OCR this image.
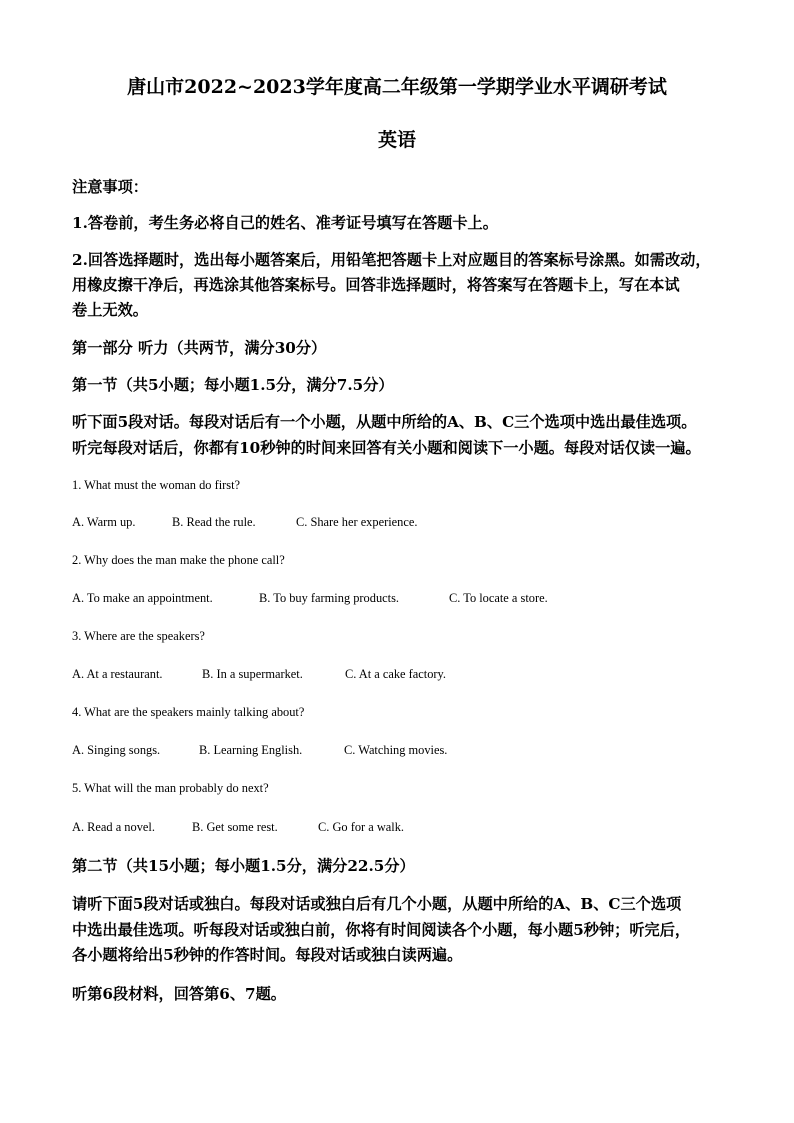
唐山市2022~2023学年度高二年级第一学期学业水平调研考试
英语
注意事项：
1.答卷前，考生务必将自己的姓名、准考证号填写在答题卡上。
2.回答选择题时，选出每小题答案后，用铅笔把答题卡上对应题目的答案标号涂黑。如需改动，
用橡皮擦干净后，再选涂其他答案标号。回答非选择题时，将答案写在答题卡上，写在本试
卷上无效。
第一部分 听力（共两节，满分30分）
第一节（共5小题；每小题1.5分，满分7.5分）
听下面5段对话。每段对话后有一个小题，从题中所给的A、B、C三个选项中选出最佳选项。
听完每段对话后，你都有10秒钟的时间来回答有关小题和阅读下一小题。每段对话仅读一遍。
1. What must the woman do first?
A. Warm up.	B. Read the rule.	C. Share her experience.
2. Why does the man make the phone call?
A. To make an appointment.	B. To buy farming products.	C. To locate a store.
3. Where are the speakers?
A. At a restaurant.	B. In a supermarket.	C. At a cake factory.
4. What are the speakers mainly talking about?
A. Singing songs.	B. Learning English.	C. Watching movies.
5. What will the man probably do next?
A. Read a novel.	B. Get some rest.	C. Go for a walk.
第二节（共15小题；每小题1.5分，满分22.5分）
请听下面5段对话或独白。每段对话或独白后有几个小题，从题中所给的A、B、C三个选项
中选出最佳选项。听每段对话或独白前，你将有时间阅读各个小题，每小题5秒钟；听完后，
各小题将给出5秒钟的作答时间。每段对话或独白读两遍。
听第6段材料，回答第6、7题。
